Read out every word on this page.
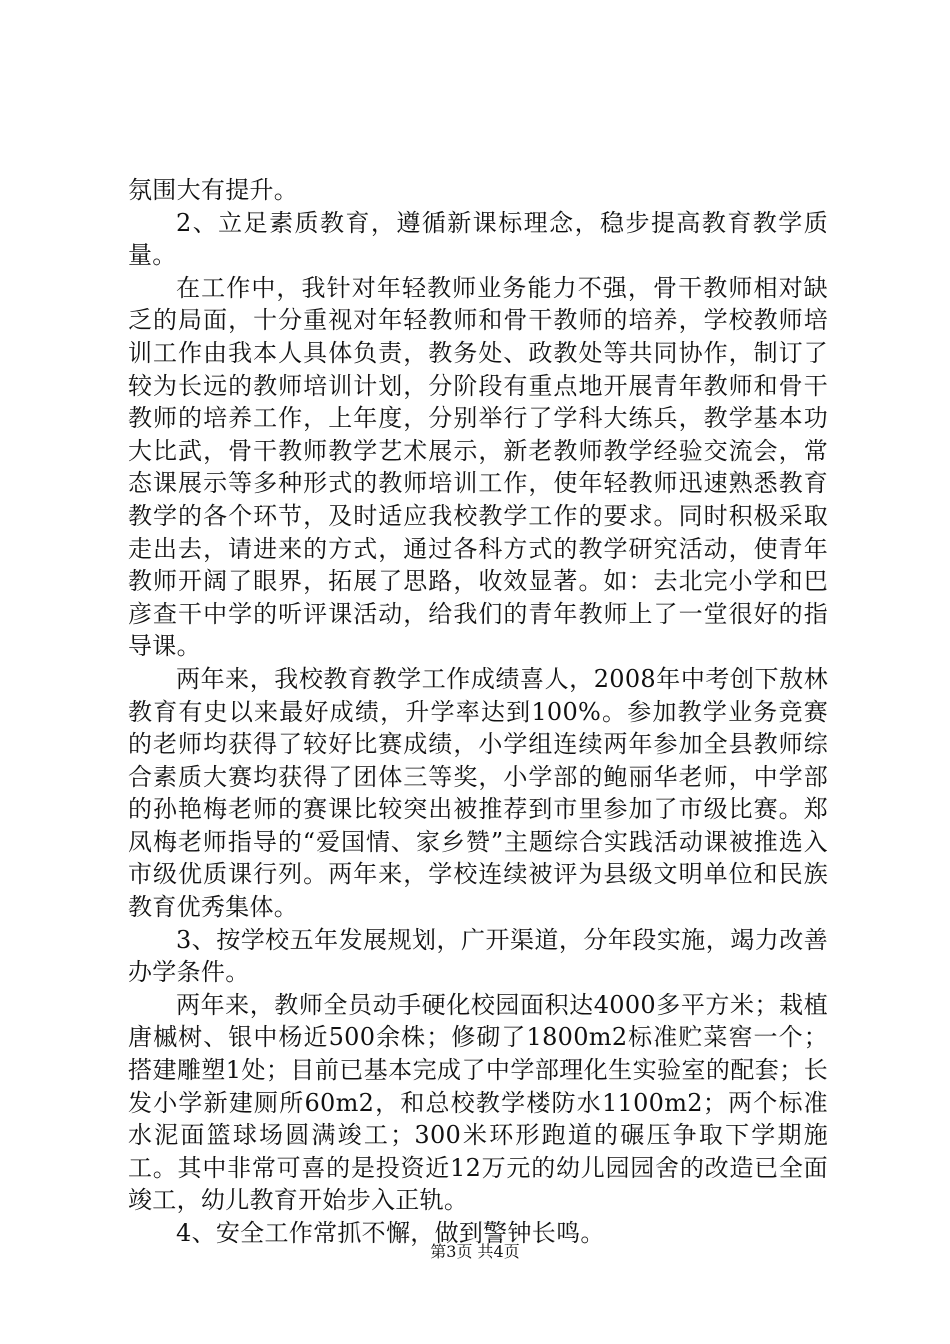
氛围大有提升。

2、立足素质教育，遵循新课标理念，稳步提高教育教学质量。

在工作中，我针对年轻教师业务能力不强，骨干教师相对缺乏的局面，十分重视对年轻教师和骨干教师的培养，学校教师培训工作由我本人具体负责，教务处、政教处等共同协作，制订了较为长远的教师培训计划，分阶段有重点地开展青年教师和骨干教师的培养工作，上年度，分别举行了学科大练兵，教学基本功大比武，骨干教师教学艺术展示，新老教师教学经验交流会，常态课展示等多种形式的教师培训工作，使年轻教师迅速熟悉教育教学的各个环节，及时适应我校教学工作的要求。同时积极采取走出去，请进来的方式，通过各科方式的教学研究活动，使青年教师开阔了眼界，拓展了思路，收效显著。如：去北完小学和巴彦查干中学的听评课活动，给我们的青年教师上了一堂很好的指导课。

两年来，我校教育教学工作成绩喜人，2008年中考创下敖林教育有史以来最好成绩，升学率达到100%。参加教学业务竞赛的老师均获得了较好比赛成绩，小学组连续两年参加全县教师综合素质大赛均获得了团体三等奖，小学部的鲍丽华老师，中学部的孙艳梅老师的赛课比较突出被推荐到市里参加了市级比赛。郑凤梅老师指导的“爱国情、家乡赞”主题综合实践活动课被推选入市级优质课行列。两年来，学校连续被评为县级文明单位和民族教育优秀集体。

3、按学校五年发展规划，广开渠道，分年段实施，竭力改善办学条件。

两年来，教师全员动手硬化校园面积达4000多平方米；栽植唐槭树、银中杨近500余株；修砌了1800m2标准贮菜窖一个；搭建雕塑1处；目前已基本完成了中学部理化生实验室的配套；长发小学新建厕所60m2，和总校教学楼防水1100m2；两个标准水泥面篮球场圆满竣工；300米环形跑道的碾压争取下学期施工。其中非常可喜的是投资近12万元的幼儿园园舍的改造已全面竣工，幼儿教育开始步入正轨。

4、安全工作常抓不懈，做到警钟长鸣。

第3页 共4页
